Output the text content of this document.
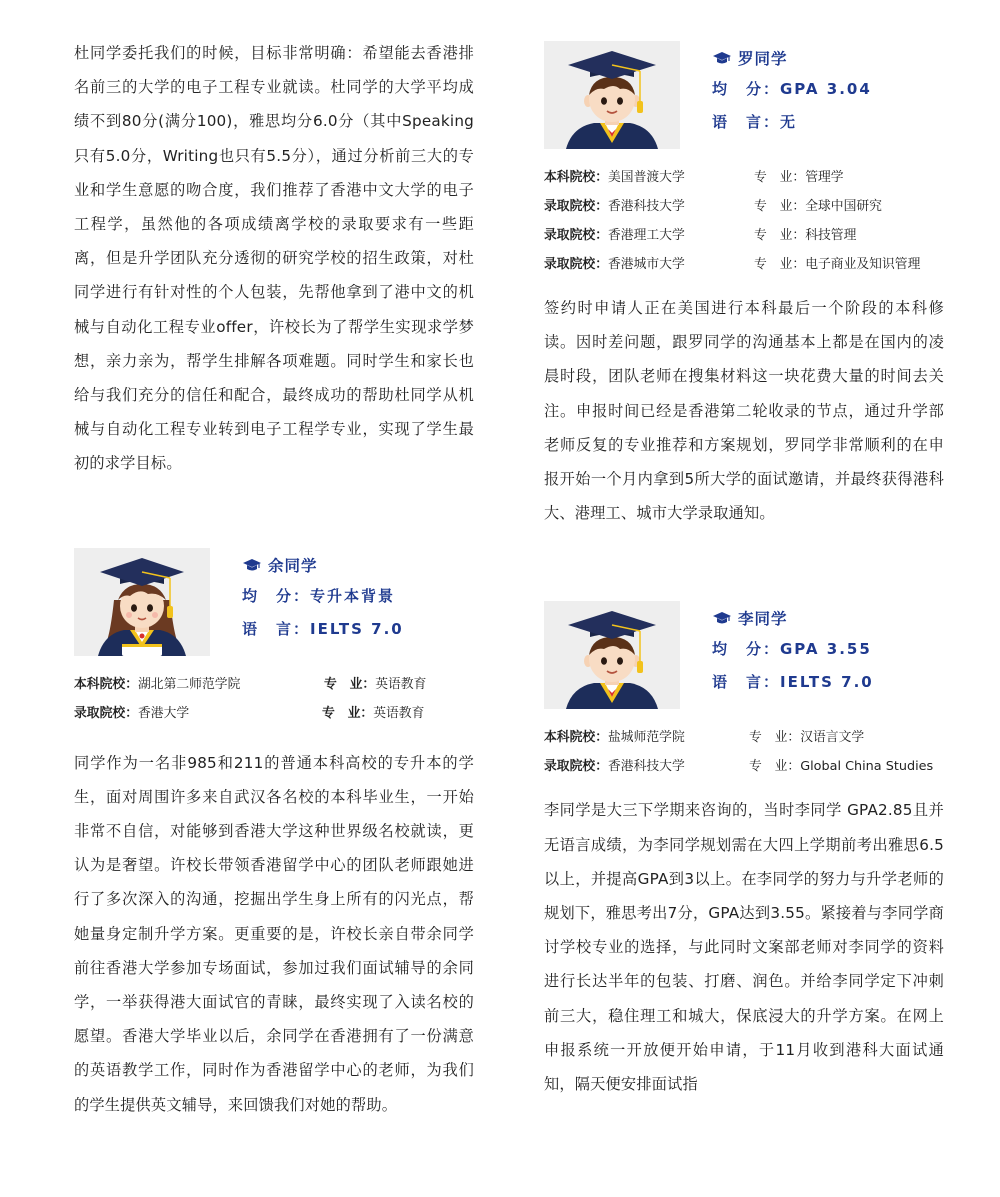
杜同学委托我们的时候，目标非常明确：希望能去香港排名前三的大学的电子工程专业就读。杜同学的大学平均成绩不到80分(满分100)，雅思均分6.0分（其中Speaking只有5.0分，Writing也只有5.5分），通过分析前三大的专业和学生意愿的吻合度，我们推荐了香港中文大学的电子工程学，虽然他的各项成绩离学校的录取要求有一些距离，但是升学团队充分透彻的研究学校的招生政策，对杜同学进行有针对性的个人包装，先帮他拿到了港中文的机械与自动化工程专业offer，许校长为了帮学生实现求学梦想，亲力亲为，帮学生排解各项难题。同时学生和家长也给与我们充分的信任和配合，最终成功的帮助杜同学从机械与自动化工程专业转到电子工程学专业，实现了学生最初的求学目标。

余同学
均　分：专升本背景
语　言：IELTS 7.0
本科院校： 湖北第二师范学院	专　业：英语教育
录取院校： 香港大学	专　业：英语教育

同学作为一名非985和211的普通本科高校的专升本的学生，面对周围许多来自武汉各名校的本科毕业生，一开始非常不自信，对能够到香港大学这种世界级名校就读，更认为是奢望。许校长带领香港留学中心的团队老师跟她进行了多次深入的沟通，挖掘出学生身上所有的闪光点，帮她量身定制升学方案。更重要的是，许校长亲自带余同学前往香港大学参加专场面试，参加过我们面试辅导的余同学，一举获得港大面试官的青睐，最终实现了入读名校的愿望。香港大学毕业以后，余同学在香港拥有了一份满意的英语教学工作，同时作为香港留学中心的老师，为我们的学生提供英文辅导，来回馈我们对她的帮助。

罗同学
均　分：GPA 3.04
语　言：无
本科院校： 美国普渡大学	专　业：管理学
录取院校： 香港科技大学	专　业：全球中国研究
录取院校： 香港理工大学	专　业：科技管理
录取院校： 香港城市大学	专　业：电子商业及知识管理

签约时申请人正在美国进行本科最后一个阶段的本科修读。因时差问题，跟罗同学的沟通基本上都是在国内的凌晨时段，团队老师在搜集材料这一块花费大量的时间去关注。申报时间已经是香港第二轮收录的节点，通过升学部老师反复的专业推荐和方案规划，罗同学非常顺利的在申报开始一个月内拿到5所大学的面试邀请，并最终获得港科大、港理工、城市大学录取通知。

李同学
均　分：GPA 3.55
语　言：IELTS 7.0
本科院校： 盐城师范学院	专　业：汉语言文学
录取院校： 香港科技大学	专　业：Global China Studies

李同学是大三下学期来咨询的，当时李同学 GPA2.85且并无语言成绩，为李同学规划需在大四上学期前考出雅思6.5以上，并提高GPA到3以上。在李同学的努力与升学老师的规划下，雅思考出7分，GPA达到3.55。紧接着与李同学商讨学校专业的选择，与此同时文案部老师对李同学的资料进行长达半年的包装、打磨、润色。并给李同学定下冲刺前三大，稳住理工和城大，保底浸大的升学方案。在网上申报系统一开放便开始申请，于11月收到港科大面试通知，隔天便安排面试指
